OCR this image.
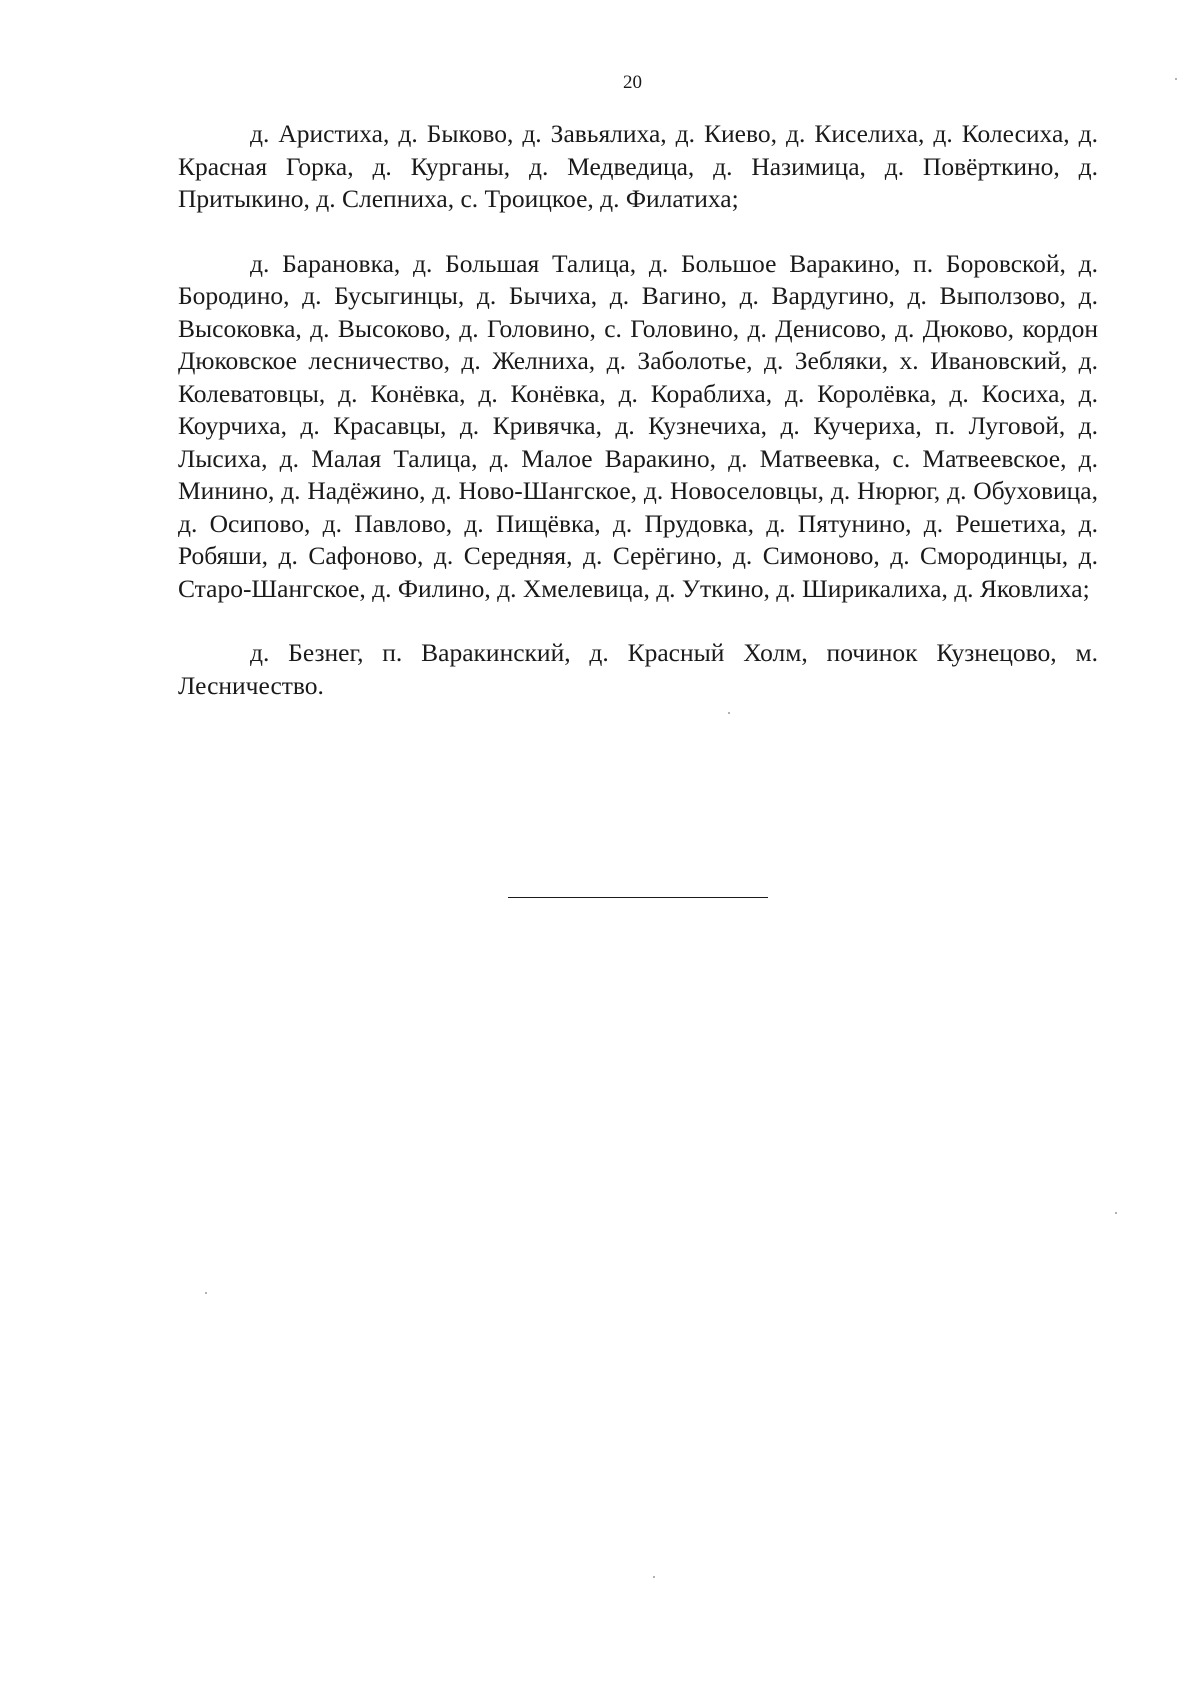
20

д. Аристиха, д. Быково, д. Завьялиха, д. Киево, д. Киселиха, д. Колесиха, д. Красная Горка, д. Курганы, д. Медведица, д. Назимица, д. Повёрткино, д. Притыкино, д. Слепниха, с. Троицкое, д. Филатиха;

д. Барановка, д. Большая Талица, д. Большое Варакино, п. Боровской, д. Бородино, д. Бусыгинцы, д. Бычиха, д. Вагино, д. Вардугино, д. Выползово, д. Высоковка, д. Высоково, д. Головино, с. Головино, д. Денисово, д. Дюково, кордон Дюковское лесничество, д. Желниха, д. Заболотье, д. Зебляки, х. Ивановский, д. Колеватовцы, д. Конёвка, д. Конёвка, д. Кораблиха, д. Королёвка, д. Косиха, д. Коурчиха, д. Красавцы, д. Кривячка, д. Кузнечиха, д. Кучериха, п. Луговой, д. Лысиха, д. Малая Талица, д. Малое Варакино, д. Матвеевка, с. Матвеевское, д. Минино, д. Надёжино, д. Ново-Шангское, д. Новоселовцы, д. Нюрюг, д. Обуховица, д. Осипово, д. Павлово, д. Пищёвка, д. Прудовка, д. Пятунино, д. Решетиха, д. Робяши, д. Сафоново, д. Середняя, д. Серёгино, д. Симоново, д. Смородинцы, д. Старо-Шангское, д. Филино, д. Хмелевица, д. Уткино, д. Ширикалиха, д. Яковлиха;

д. Безнег, п. Варакинский, д. Красный Холм, починок Кузнецово, м. Лесничество.
